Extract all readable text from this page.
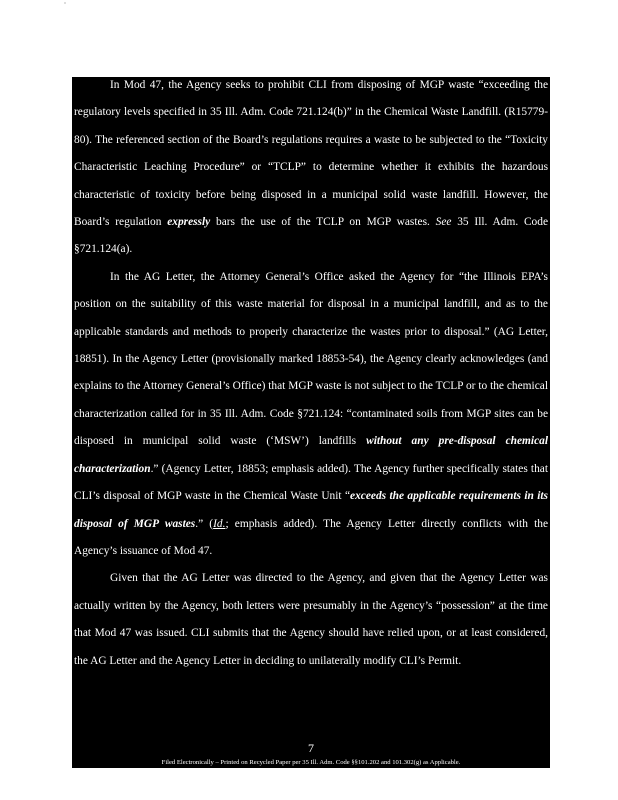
In Mod 47, the Agency seeks to prohibit CLI from disposing of MGP waste “exceeding the regulatory levels specified in 35 Ill. Adm. Code 721.124(b)” in the Chemical Waste Landfill. (R15779-80). The referenced section of the Board’s regulations requires a waste to be subjected to the “Toxicity Characteristic Leaching Procedure” or “TCLP” to determine whether it exhibits the hazardous characteristic of toxicity before being disposed in a municipal solid waste landfill. However, the Board’s regulation expressly bars the use of the TCLP on MGP wastes. See 35 Ill. Adm. Code §721.124(a).

In the AG Letter, the Attorney General’s Office asked the Agency for “the Illinois EPA’s position on the suitability of this waste material for disposal in a municipal landfill, and as to the applicable standards and methods to properly characterize the wastes prior to disposal.” (AG Letter, 18851). In the Agency Letter (provisionally marked 18853-54), the Agency clearly acknowledges (and explains to the Attorney General’s Office) that MGP waste is not subject to the TCLP or to the chemical characterization called for in 35 Ill. Adm. Code §721.124: “contaminated soils from MGP sites can be disposed in municipal solid waste (‘MSW’) landfills without any pre-disposal chemical characterization.” (Agency Letter, 18853; emphasis added). The Agency further specifically states that CLI’s disposal of MGP waste in the Chemical Waste Unit “exceeds the applicable requirements in its disposal of MGP wastes.” (Id.; emphasis added). The Agency Letter directly conflicts with the Agency’s issuance of Mod 47.

Given that the AG Letter was directed to the Agency, and given that the Agency Letter was actually written by the Agency, both letters were presumably in the Agency’s “possession” at the time that Mod 47 was issued. CLI submits that the Agency should have relied upon, or at least considered, the AG Letter and the Agency Letter in deciding to unilaterally modify CLI’s Permit.

7
Filed Electronically – Printed on Recycled Paper per 35 Ill. Adm. Code §§101.202 and 101.302(g) as Applicable.
